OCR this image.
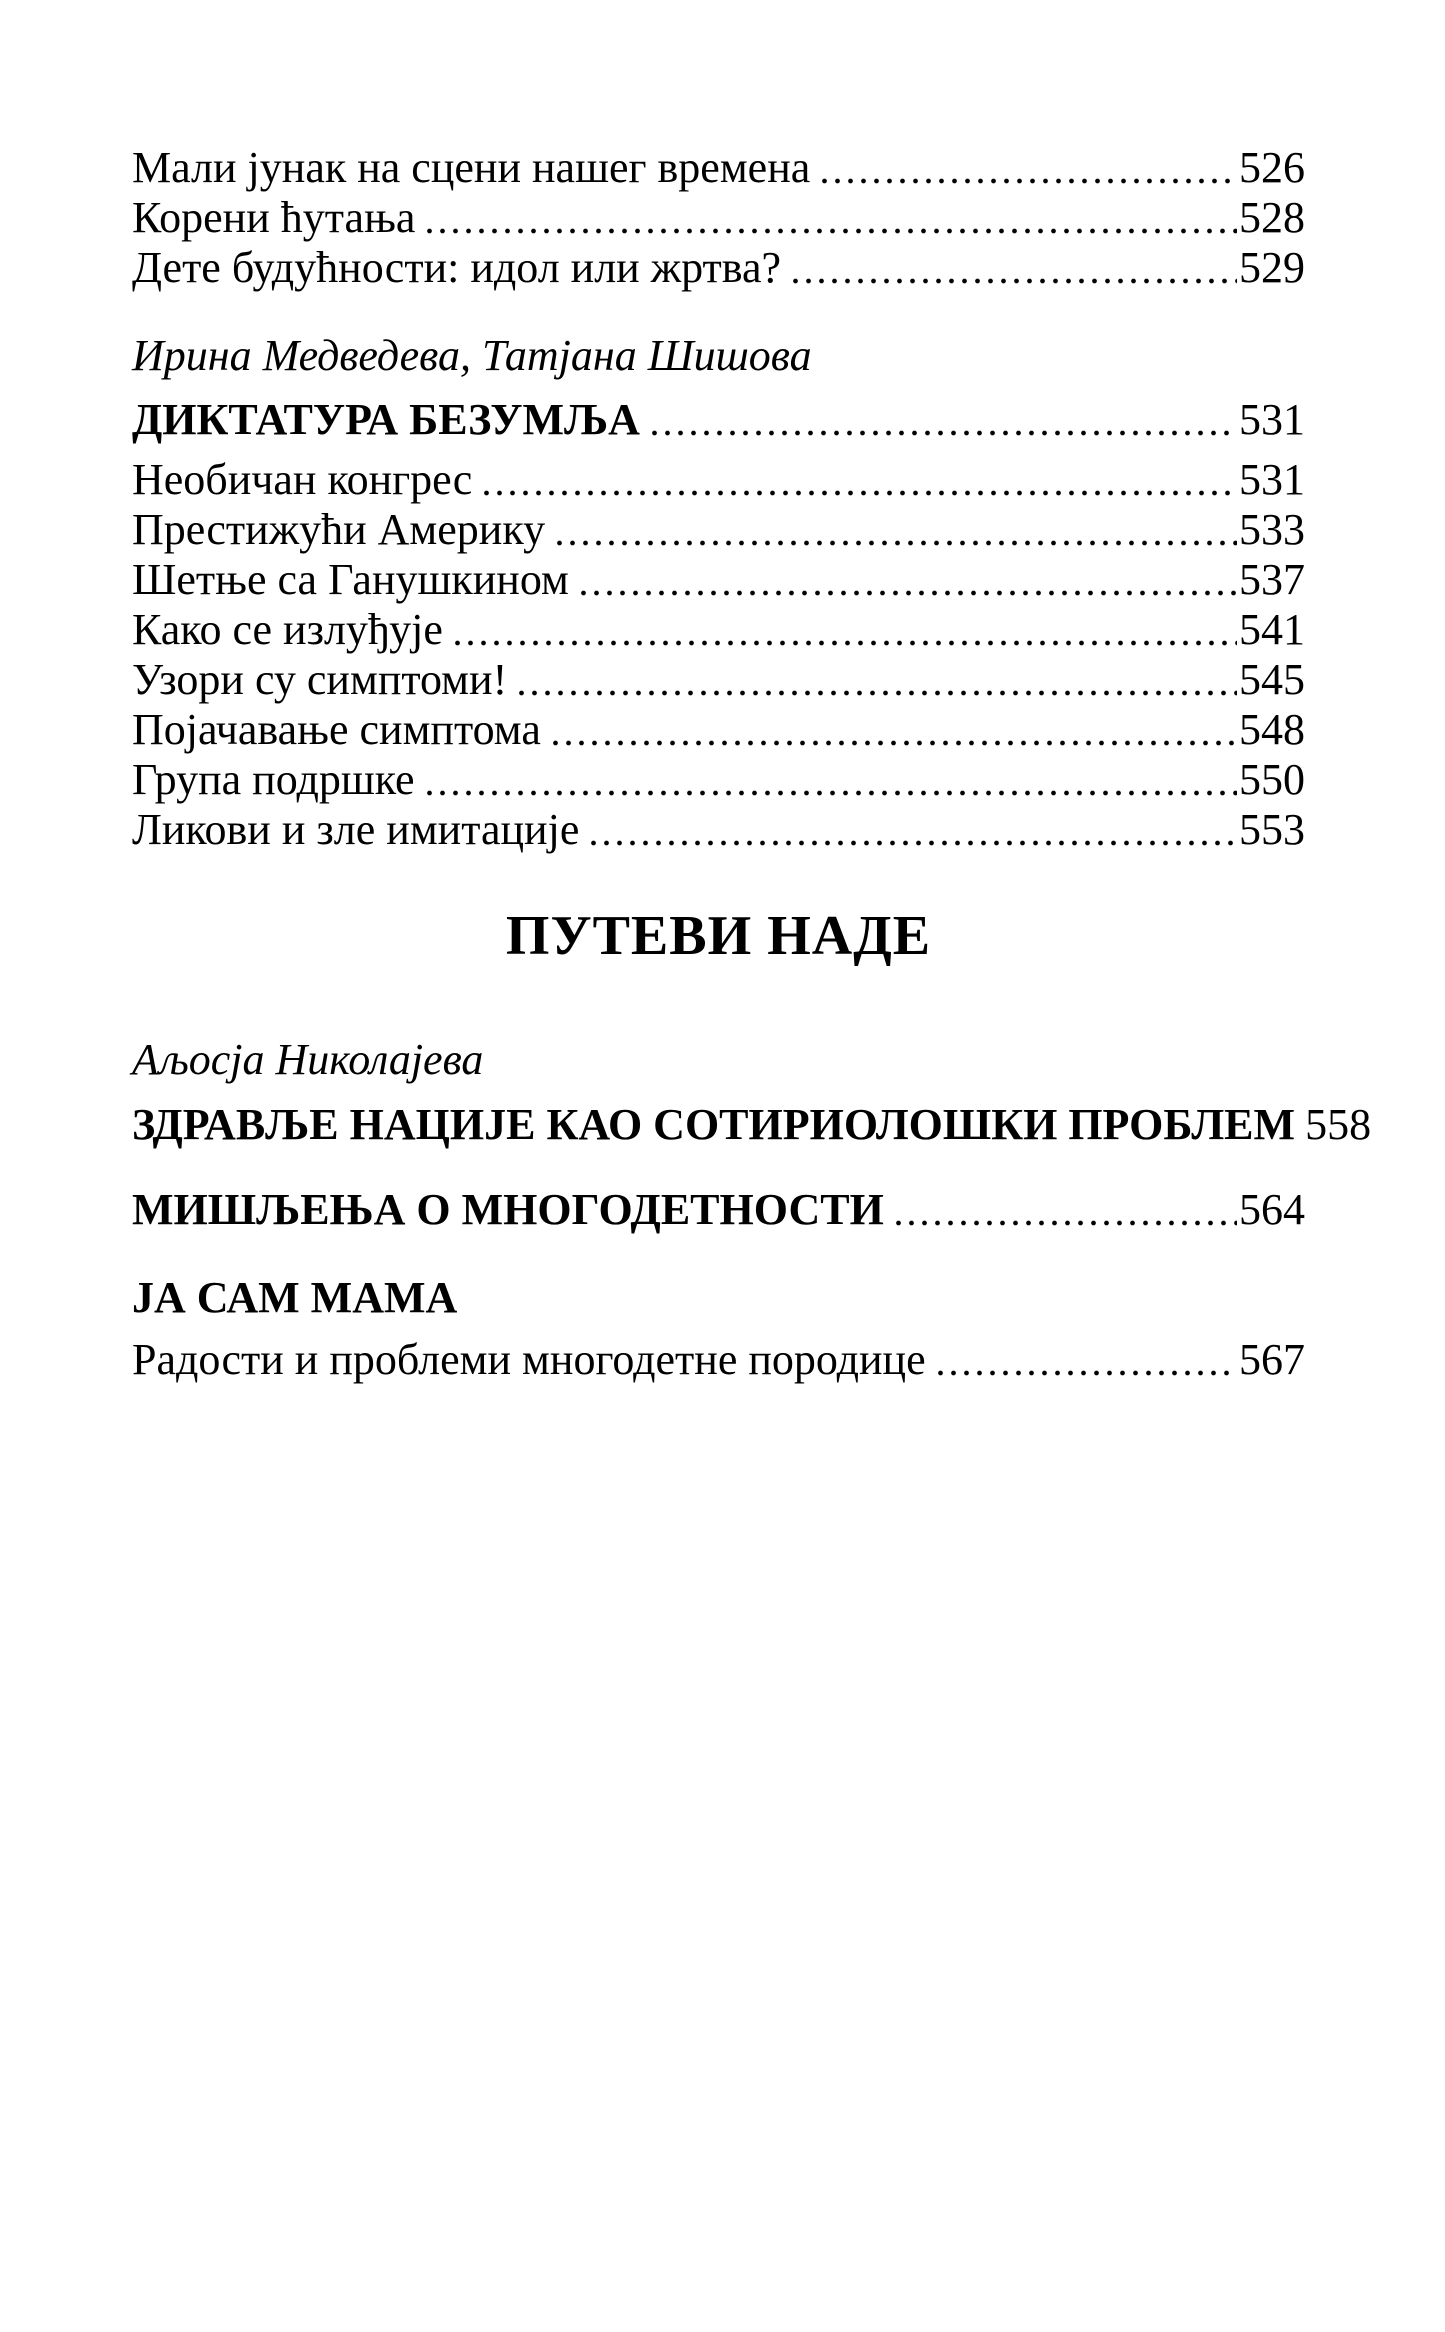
Мали јунак на сцени нашег времена	526
Корени ћутања	528
Дете будућности: идол или жртва?	529
Ирина Медведева, Татјана Шишова
ДИКТАТУРА БЕЗУМЉА	531
Необичан конгрес	531
Престижући Америку	533
Шетње са Ганушкином	537
Како се излуђује	541
Узори су симптоми!	545
Појачавање симптома	548
Група подршке	550
Ликови и зле имитације	553
ПУТЕВИ НАДЕ
Аљосја Николајева
ЗДРАВЉЕ НАЦИЈЕ КАО СОТИРИОЛОШКИ ПРОБЛЕМ 558
МИШЉЕЊА О МНОГОДЕТНОСТИ	564
ЈА САМ МАМА
Радости и проблеми многодетне породице	567
